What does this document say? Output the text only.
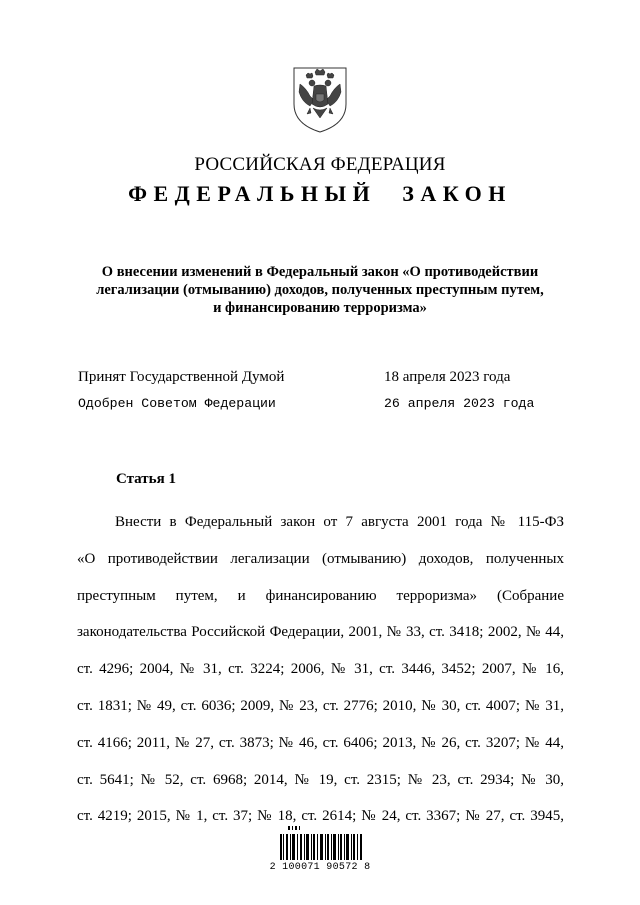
РОССИЙСКАЯ ФЕДЕРАЦИЯ
ФЕДЕРАЛЬНЫЙ ЗАКОН
О внесении изменений в Федеральный закон «О противодействии
легализации (отмыванию) доходов, полученных преступным путем,
и финансированию терроризма»
Принят Государственной Думой	18 апреля 2023 года
Одобрен Советом Федерации	26 апреля 2023 года
Статья 1
Внести в Федеральный закон от 7 августа 2001 года № 115-ФЗ
«О противодействии легализации (отмыванию) доходов, полученных
преступным путем, и финансированию терроризма» (Собрание
законодательства Российской Федерации, 2001, № 33, ст. 3418; 2002, № 44,
ст. 4296; 2004, № 31, ст. 3224; 2006, № 31, ст. 3446, 3452; 2007, № 16,
ст. 1831; № 49, ст. 6036; 2009, № 23, ст. 2776; 2010, № 30, ст. 4007; № 31,
ст. 4166; 2011, № 27, ст. 3873; № 46, ст. 6406; 2013, № 26, ст. 3207; № 44,
ст. 5641; № 52, ст. 6968; 2014, № 19, ст. 2315; № 23, ст. 2934; № 30,
ст. 4219; 2015, № 1, ст. 37; № 18, ст. 2614; № 24, ст. 3367; № 27, ст. 3945,
2 100071 90572 8
